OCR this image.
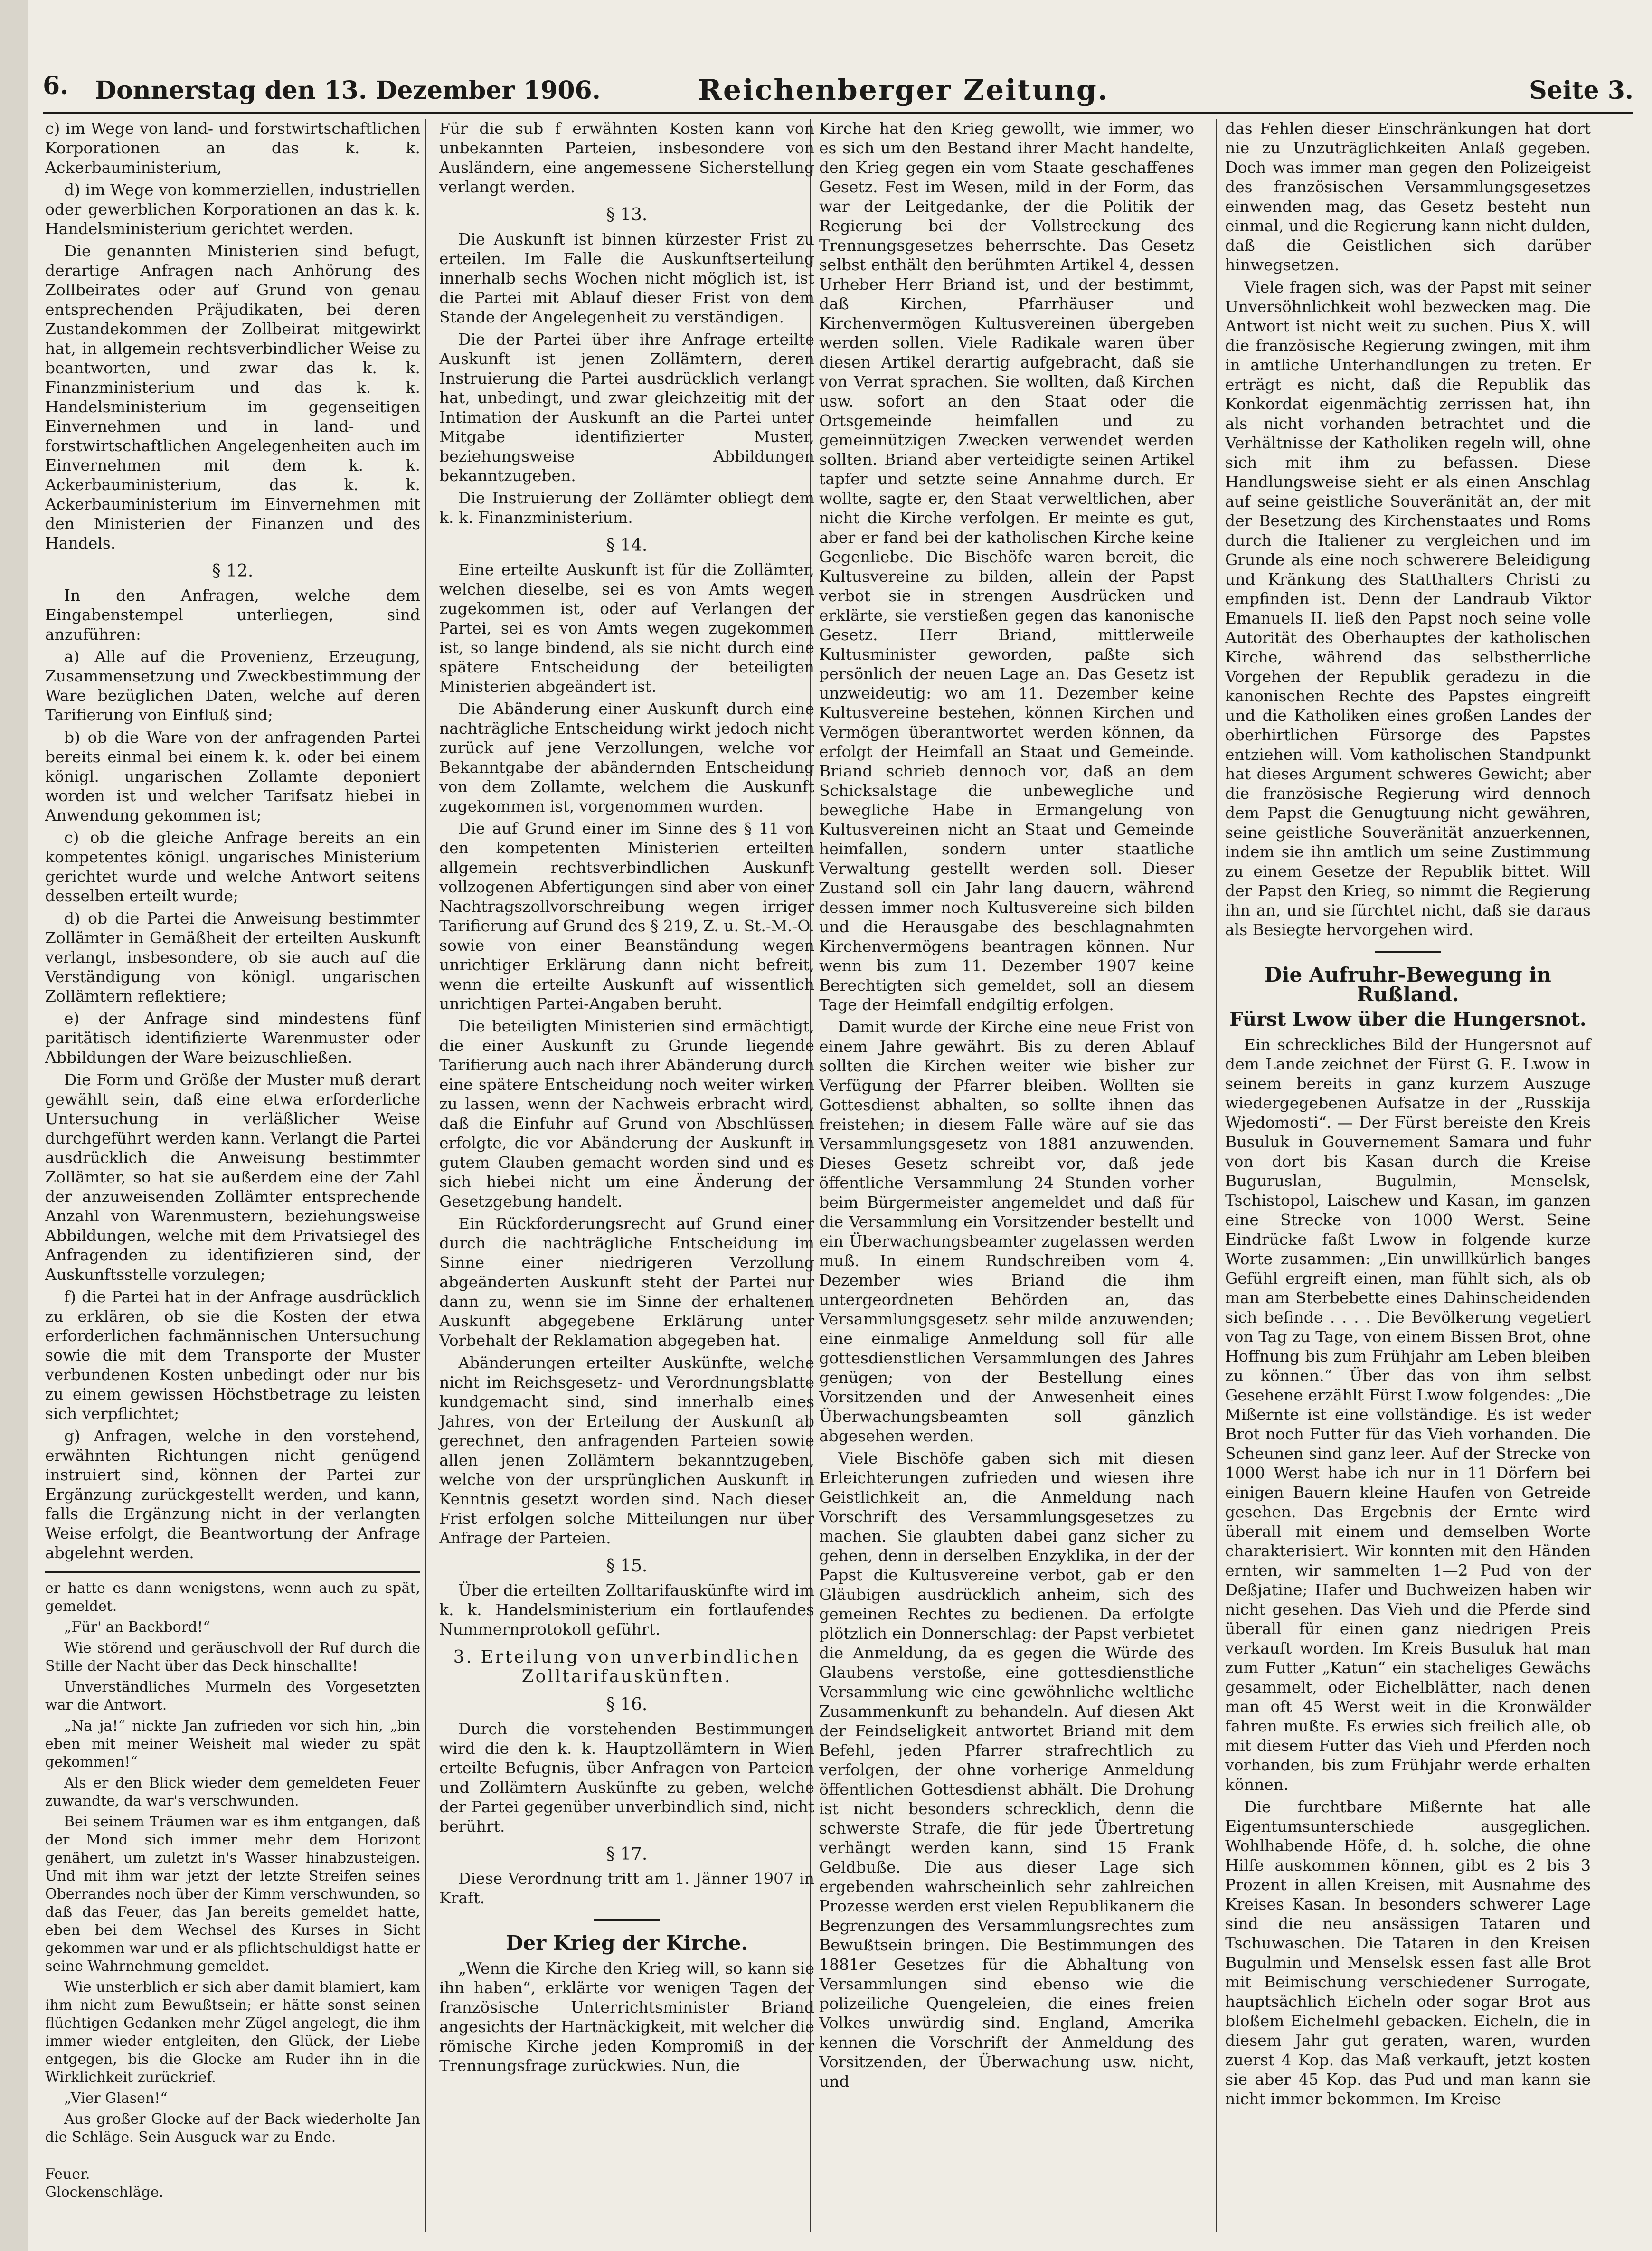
6. Donnerstag den 13. Dezember 1906.	Reichenberger Zeitung.	Seite 3.

c) im Wege von land- und forstwirtschaftlichen Korporationen an das k. k. Ackerbauministerium,

d) im Wege von kommerziellen, industriellen oder gewerblichen Korporationen an das k. k. Handelsministerium gerichtet werden.

Die genannten Ministerien sind befugt, derartige Anfragen nach Anhörung des Zollbeirates oder auf Grund von genau entsprechenden Präjudikaten, bei deren Zustandekommen der Zollbeirat mitgewirkt hat, in allgemein rechtsverbindlicher Weise zu beantworten, und zwar das k. k. Finanzministerium und das k. k. Handelsministerium im gegenseitigen Einvernehmen und in land- und forstwirtschaftlichen Angelegenheiten auch im Einvernehmen mit dem k. k. Ackerbauministerium, das k. k. Ackerbauministerium im Einvernehmen mit den Ministerien der Finanzen und des Handels.

§ 12.

In den Anfragen, welche dem Eingabenstempel unterliegen, sind anzuführen:

a) Alle auf die Provenienz, Erzeugung, Zusammensetzung und Zweckbestimmung der Ware bezüglichen Daten, welche auf deren Tarifierung von Einfluß sind;

b) ob die Ware von der anfragenden Partei bereits einmal bei einem k. k. oder bei einem königl. ungarischen Zollamte deponiert worden ist und welcher Tarifsatz hiebei in Anwendung gekommen ist;

c) ob die gleiche Anfrage bereits an ein kompetentes königl. ungarisches Ministerium gerichtet wurde und welche Antwort seitens desselben erteilt wurde;

d) ob die Partei die Anweisung bestimmter Zollämter in Gemäßheit der erteilten Auskunft verlangt, insbesondere, ob sie auch auf die Verständigung von königl. ungarischen Zollämtern reflektiere;

e) der Anfrage sind mindestens fünf paritätisch identifizierte Warenmuster oder Abbildungen der Ware beizuschließen.

Die Form und Größe der Muster muß derart gewählt sein, daß eine etwa erforderliche Untersuchung in verläßlicher Weise durchgeführt werden kann. Verlangt die Partei ausdrücklich die Anweisung bestimmter Zollämter, so hat sie außerdem eine der Zahl der anzuweisenden Zollämter entsprechende Anzahl von Warenmustern, beziehungsweise Abbildungen, welche mit dem Privatsiegel des Anfragenden zu identifizieren sind, der Auskunftsstelle vorzulegen;

f) die Partei hat in der Anfrage ausdrücklich zu erklären, ob sie die Kosten der etwa erforderlichen fachmännischen Untersuchung sowie die mit dem Transporte der Muster verbundenen Kosten unbedingt oder nur bis zu einem gewissen Höchstbetrage zu leisten sich verpflichtet;

g) Anfragen, welche in den vorstehend, erwähnten Richtungen nicht genügend instruiert sind, können der Partei zur Ergänzung zurückgestellt werden, und kann, falls die Ergänzung nicht in der verlangten Weise erfolgt, die Beantwortung der Anfrage abgelehnt werden.

er hatte es dann wenigstens, wenn auch zu spät, gemeldet.

„Für' an Backbord!“

Wie störend und geräuschvoll der Ruf durch die Stille der Nacht über das Deck hinschallte!

Unverständliches Murmeln des Vorgesetzten war die Antwort.

„Na ja!“ nickte Jan zufrieden vor sich hin, „bin eben mit meiner Weisheit mal wieder zu spät gekommen!“

Als er den Blick wieder dem gemeldeten Feuer zuwandte, da war's verschwunden.

Bei seinem Träumen war es ihm entgangen, daß der Mond sich immer mehr dem Horizont genähert, um zuletzt in's Wasser hinabzusteigen. Und mit ihm war jetzt der letzte Streifen seines Oberrandes noch über der Kimm verschwunden, so daß das Feuer, das Jan bereits gemeldet hatte, eben bei dem Wechsel des Kurses in Sicht gekommen war und er als pflichtschuldigst hatte er seine Wahrnehmung gemeldet.

Wie unsterblich er sich aber damit blamiert, kam ihm nicht zum Bewußtsein; er hätte sonst seinen flüchtigen Gedanken mehr Zügel angelegt, die ihm immer wieder entgleiten, den Glück, der Liebe entgegen, bis die Glocke am Ruder ihn in die Wirklichkeit zurückrief.

„Vier Glasen!“

Aus großer Glocke auf der Back wiederholte Jan die Schläge. Sein Ausguck war zu Ende.

Feuer.
Glockenschläge.

Für die sub f erwähnten Kosten kann von unbekannten Parteien, insbesondere von Ausländern, eine angemessene Sicherstellung verlangt werden.

§ 13.

Die Auskunft ist binnen kürzester Frist zu erteilen. Im Falle die Auskunftserteilung innerhalb sechs Wochen nicht möglich ist, ist die Partei mit Ablauf dieser Frist von dem Stande der Angelegenheit zu verständigen.

Die der Partei über ihre Anfrage erteilte Auskunft ist jenen Zollämtern, deren Instruierung die Partei ausdrücklich verlangt hat, unbedingt, und zwar gleichzeitig mit der Intimation der Auskunft an die Partei unter Mitgabe identifizierter Muster, beziehungsweise Abbildungen bekanntzugeben.

Die Instruierung der Zollämter obliegt dem k. k. Finanzministerium.

§ 14.

Eine erteilte Auskunft ist für die Zollämter, welchen dieselbe, sei es von Amts wegen zugekommen ist, oder auf Verlangen der Partei, sei es von Amts wegen zugekommen ist, so lange bindend, als sie nicht durch eine spätere Entscheidung der beteiligten Ministerien abgeändert ist.

Die Abänderung einer Auskunft durch eine nachträgliche Entscheidung wirkt jedoch nicht zurück auf jene Verzollungen, welche vor Bekanntgabe der abändernden Entscheidung von dem Zollamte, welchem die Auskunft zugekommen ist, vorgenommen wurden.

Die auf Grund einer im Sinne des § 11 von den kompetenten Ministerien erteilten allgemein rechtsverbindlichen Auskunft vollzogenen Abfertigungen sind aber von einer Nachtragszollvorschreibung wegen irriger Tarifierung auf Grund des § 219, Z. u. St.-M.-O. sowie von einer Beanständung wegen unrichtiger Erklärung dann nicht befreit, wenn die erteilte Auskunft auf wissentlich unrichtigen Partei-Angaben beruht.

Die beteiligten Ministerien sind ermächtigt, die einer Auskunft zu Grunde liegende Tarifierung auch nach ihrer Abänderung durch eine spätere Entscheidung noch weiter wirken zu lassen, wenn der Nachweis erbracht wird, daß die Einfuhr auf Grund von Abschlüssen erfolgte, die vor Abänderung der Auskunft in gutem Glauben gemacht worden sind und es sich hiebei nicht um eine Änderung der Gesetzgebung handelt.

Ein Rückforderungsrecht auf Grund einer durch die nachträgliche Entscheidung im Sinne einer niedrigeren Verzollung abgeänderten Auskunft steht der Partei nur dann zu, wenn sie im Sinne der erhaltenen Auskunft abgegebene Erklärung unter Vorbehalt der Reklamation abgegeben hat.

Abänderungen erteilter Auskünfte, welche nicht im Reichsgesetz- und Verordnungsblatte kundgemacht sind, sind innerhalb eines Jahres, von der Erteilung der Auskunft ab gerechnet, den anfragenden Parteien sowie allen jenen Zollämtern bekanntzugeben, welche von der ursprünglichen Auskunft in Kenntnis gesetzt worden sind. Nach dieser Frist erfolgen solche Mitteilungen nur über Anfrage der Parteien.

§ 15.

Über die erteilten Zolltarifauskünfte wird im k. k. Handelsministerium ein fortlaufendes Nummernprotokoll geführt.

3. Erteilung von unverbindlichen Zolltarifauskünften.
§ 16.

Durch die vorstehenden Bestimmungen wird die den k. k. Hauptzollämtern in Wien erteilte Befugnis, über Anfragen von Parteien und Zollämtern Auskünfte zu geben, welche der Partei gegenüber unverbindlich sind, nicht berührt.

§ 17.

Diese Verordnung tritt am 1. Jänner 1907 in Kraft.

Der Krieg der Kirche.

„Wenn die Kirche den Krieg will, so kann sie ihn haben“, erklärte vor wenigen Tagen der französische Unterrichtsminister Briand angesichts der Hartnäckigkeit, mit welcher die römische Kirche jeden Kompromiß in der Trennungsfrage zurückwies. Nun, die

Kirche hat den Krieg gewollt, wie immer, wo es sich um den Bestand ihrer Macht handelte, den Krieg gegen ein vom Staate geschaffenes Gesetz. Fest im Wesen, mild in der Form, das war der Leitgedanke, der die Politik der Regierung bei der Vollstreckung des Trennungsgesetzes beherrschte. Das Gesetz selbst enthält den berühmten Artikel 4, dessen Urheber Herr Briand ist, und der bestimmt, daß Kirchen, Pfarrhäuser und Kirchenvermögen Kultusvereinen übergeben werden sollen. Viele Radikale waren über diesen Artikel derartig aufgebracht, daß sie von Verrat sprachen. Sie wollten, daß Kirchen usw. sofort an den Staat oder die Ortsgemeinde heimfallen und zu gemeinnützigen Zwecken verwendet werden sollten. Briand aber verteidigte seinen Artikel tapfer und setzte seine Annahme durch. Er wollte, sagte er, den Staat verweltlichen, aber nicht die Kirche verfolgen. Er meinte es gut, aber er fand bei der katholischen Kirche keine Gegenliebe. Die Bischöfe waren bereit, die Kultusvereine zu bilden, allein der Papst verbot sie in strengen Ausdrücken und erklärte, sie verstießen gegen das kanonische Gesetz. Herr Briand, mittlerweile Kultusminister geworden, paßte sich persönlich der neuen Lage an. Das Gesetz ist unzweideutig: wo am 11. Dezember keine Kultusvereine bestehen, können Kirchen und Vermögen überantwortet werden können, da erfolgt der Heimfall an Staat und Gemeinde. Briand schrieb dennoch vor, daß an dem Schicksalstage die unbewegliche und bewegliche Habe in Ermangelung von Kultusvereinen nicht an Staat und Gemeinde heimfallen, sondern unter staatliche Verwaltung gestellt werden soll. Dieser Zustand soll ein Jahr lang dauern, während dessen immer noch Kultusvereine sich bilden und die Herausgabe des beschlagnahmten Kirchenvermögens beantragen können. Nur wenn bis zum 11. Dezember 1907 keine Berechtigten sich gemeldet, soll an diesem Tage der Heimfall endgiltig erfolgen.

Damit wurde der Kirche eine neue Frist von einem Jahre gewährt. Bis zu deren Ablauf sollten die Kirchen weiter wie bisher zur Verfügung der Pfarrer bleiben. Wollten sie Gottesdienst abhalten, so sollte ihnen das freistehen; in diesem Falle wäre auf sie das Versammlungsgesetz von 1881 anzuwenden. Dieses Gesetz schreibt vor, daß jede öffentliche Versammlung 24 Stunden vorher beim Bürgermeister angemeldet und daß für die Versammlung ein Vorsitzender bestellt und ein Überwachungsbeamter zugelassen werden muß. In einem Rundschreiben vom 4. Dezember wies Briand die ihm untergeordneten Behörden an, das Versammlungsgesetz sehr milde anzuwenden; eine einmalige Anmeldung soll für alle gottesdienstlichen Versammlungen des Jahres genügen; von der Bestellung eines Vorsitzenden und der Anwesenheit eines Überwachungsbeamten soll gänzlich abgesehen werden.

Viele Bischöfe gaben sich mit diesen Erleichterungen zufrieden und wiesen ihre Geistlichkeit an, die Anmeldung nach Vorschrift des Versammlungsgesetzes zu machen. Sie glaubten dabei ganz sicher zu gehen, denn in derselben Enzyklika, in der der Papst die Kultusvereine verbot, gab er den Gläubigen ausdrücklich anheim, sich des gemeinen Rechtes zu bedienen. Da erfolgte plötzlich ein Donnerschlag: der Papst verbietet die Anmeldung, da es gegen die Würde des Glaubens verstoße, eine gottesdienstliche Versammlung wie eine gewöhnliche weltliche Zusammenkunft zu behandeln. Auf diesen Akt der Feindseligkeit antwortet Briand mit dem Befehl, jeden Pfarrer strafrechtlich zu verfolgen, der ohne vorherige Anmeldung öffentlichen Gottesdienst abhält. Die Drohung ist nicht besonders schrecklich, denn die schwerste Strafe, die für jede Übertretung verhängt werden kann, sind 15 Frank Geldbuße. Die aus dieser Lage sich ergebenden wahrscheinlich sehr zahlreichen Prozesse werden erst vielen Republikanern die Begrenzungen des Versammlungsrechtes zum Bewußtsein bringen. Die Bestimmungen des 1881er Gesetzes für die Abhaltung von Versammlungen sind ebenso wie die polizeiliche Quengeleien, die eines freien Volkes unwürdig sind. England, Amerika kennen die Vorschrift der Anmeldung des Vorsitzenden, der Überwachung usw. nicht, und

das Fehlen dieser Einschränkungen hat dort nie zu Unzuträglichkeiten Anlaß gegeben. Doch was immer man gegen den Polizeigeist des französischen Versammlungsgesetzes einwenden mag, das Gesetz besteht nun einmal, und die Regierung kann nicht dulden, daß die Geistlichen sich darüber hinwegsetzen.

Viele fragen sich, was der Papst mit seiner Unversöhnlichkeit wohl bezwecken mag. Die Antwort ist nicht weit zu suchen. Pius X. will die französische Regierung zwingen, mit ihm in amtliche Unterhandlungen zu treten. Er erträgt es nicht, daß die Republik das Konkordat eigenmächtig zerrissen hat, ihn als nicht vorhanden betrachtet und die Verhältnisse der Katholiken regeln will, ohne sich mit ihm zu befassen. Diese Handlungsweise sieht er als einen Anschlag auf seine geistliche Souveränität an, der mit der Besetzung des Kirchenstaates und Roms durch die Italiener zu vergleichen und im Grunde als eine noch schwerere Beleidigung und Kränkung des Statthalters Christi zu empfinden ist. Denn der Landraub Viktor Emanuels II. ließ den Papst noch seine volle Autorität des Oberhauptes der katholischen Kirche, während das selbstherrliche Vorgehen der Republik geradezu in die kanonischen Rechte des Papstes eingreift und die Katholiken eines großen Landes der oberhirtlichen Fürsorge des Papstes entziehen will. Vom katholischen Standpunkt hat dieses Argument schweres Gewicht; aber die französische Regierung wird dennoch dem Papst die Genugtuung nicht gewähren, seine geistliche Souveränität anzuerkennen, indem sie ihn amtlich um seine Zustimmung zu einem Gesetze der Republik bittet. Will der Papst den Krieg, so nimmt die Regierung ihn an, und sie fürchtet nicht, daß sie daraus als Besiegte hervorgehen wird.

Die Aufruhr-Bewegung in Rußland.
Fürst Lwow über die Hungersnot.

Ein schreckliches Bild der Hungersnot auf dem Lande zeichnet der Fürst G. E. Lwow in seinem bereits in ganz kurzem Auszuge wiedergegebenen Aufsatze in der „Russkija Wjedomosti“. — Der Fürst bereiste den Kreis Busuluk in Gouvernement Samara und fuhr von dort bis Kasan durch die Kreise Buguruslan, Bugulmin, Menselsk, Tschistopol, Laischew und Kasan, im ganzen eine Strecke von 1000 Werst. Seine Eindrücke faßt Lwow in folgende kurze Worte zusammen: „Ein unwillkürlich banges Gefühl ergreift einen, man fühlt sich, als ob man am Sterbebette eines Dahinscheidenden sich befinde . . . . Die Bevölkerung vegetiert von Tag zu Tage, von einem Bissen Brot, ohne Hoffnung bis zum Frühjahr am Leben bleiben zu können.“ Über das von ihm selbst Gesehene erzählt Fürst Lwow folgendes: „Die Mißernte ist eine vollständige. Es ist weder Brot noch Futter für das Vieh vorhanden. Die Scheunen sind ganz leer. Auf der Strecke von 1000 Werst habe ich nur in 11 Dörfern bei einigen Bauern kleine Haufen von Getreide gesehen. Das Ergebnis der Ernte wird überall mit einem und demselben Worte charakterisiert. Wir konnten mit den Händen ernten, wir sammelten 1—2 Pud von der Deßjatine; Hafer und Buchweizen haben wir nicht gesehen. Das Vieh und die Pferde sind überall für einen ganz niedrigen Preis verkauft worden. Im Kreis Busuluk hat man zum Futter „Katun“ ein stacheliges Gewächs gesammelt, oder Eichelblätter, nach denen man oft 45 Werst weit in die Kronwälder fahren mußte. Es erwies sich freilich alle, ob mit diesem Futter das Vieh und Pferden noch vorhanden, bis zum Frühjahr werde erhalten können.

Die furchtbare Mißernte hat alle Eigentumsunterschiede ausgeglichen. Wohlhabende Höfe, d. h. solche, die ohne Hilfe auskommen können, gibt es 2 bis 3 Prozent in allen Kreisen, mit Ausnahme des Kreises Kasan. In besonders schwerer Lage sind die neu ansässigen Tataren und Tschuwaschen. Die Tataren in den Kreisen Bugulmin und Menselsk essen fast alle Brot mit Beimischung verschiedener Surrogate, hauptsächlich Eicheln oder sogar Brot aus bloßem Eichelmehl gebacken. Eicheln, die in diesem Jahr gut geraten, waren, wurden zuerst 4 Kop. das Maß verkauft, jetzt kosten sie aber 45 Kop. das Pud und man kann sie nicht immer bekommen. Im Kreise
